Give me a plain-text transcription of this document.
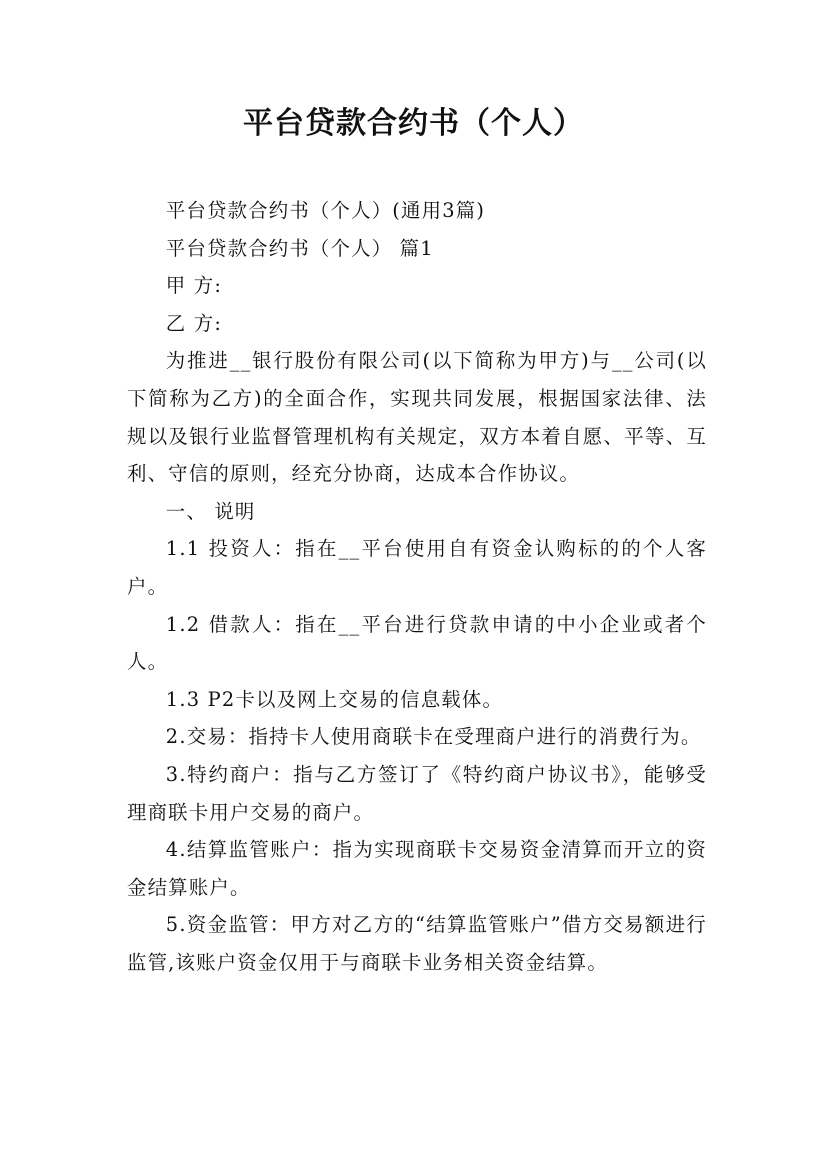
平台贷款合约书（个人）

平台贷款合约书（个人）(通用3篇)

平台贷款合约书（个人） 篇1

甲 方:

乙 方:

为推进__银行股份有限公司(以下简称为甲方)与__公司(以下简称为乙方)的全面合作，实现共同发展，根据国家法律、法规以及银行业监督管理机构有关规定，双方本着自愿、平等、互利、守信的原则，经充分协商，达成本合作协议。

一、 说明

1.1 投资人：指在__平台使用自有资金认购标的的个人客户。

1.2 借款人：指在__平台进行贷款申请的中小企业或者个人。

1.3 P2卡以及网上交易的信息载体。

2.交易：指持卡人使用商联卡在受理商户进行的消费行为。

3.特约商户：指与乙方签订了《特约商户协议书》，能够受理商联卡用户交易的商户。

4.结算监管账户：指为实现商联卡交易资金清算而开立的资金结算账户。

5.资金监管：甲方对乙方的“结算监管账户”借方交易额进行监管,该账户资金仅用于与商联卡业务相关资金结算。
